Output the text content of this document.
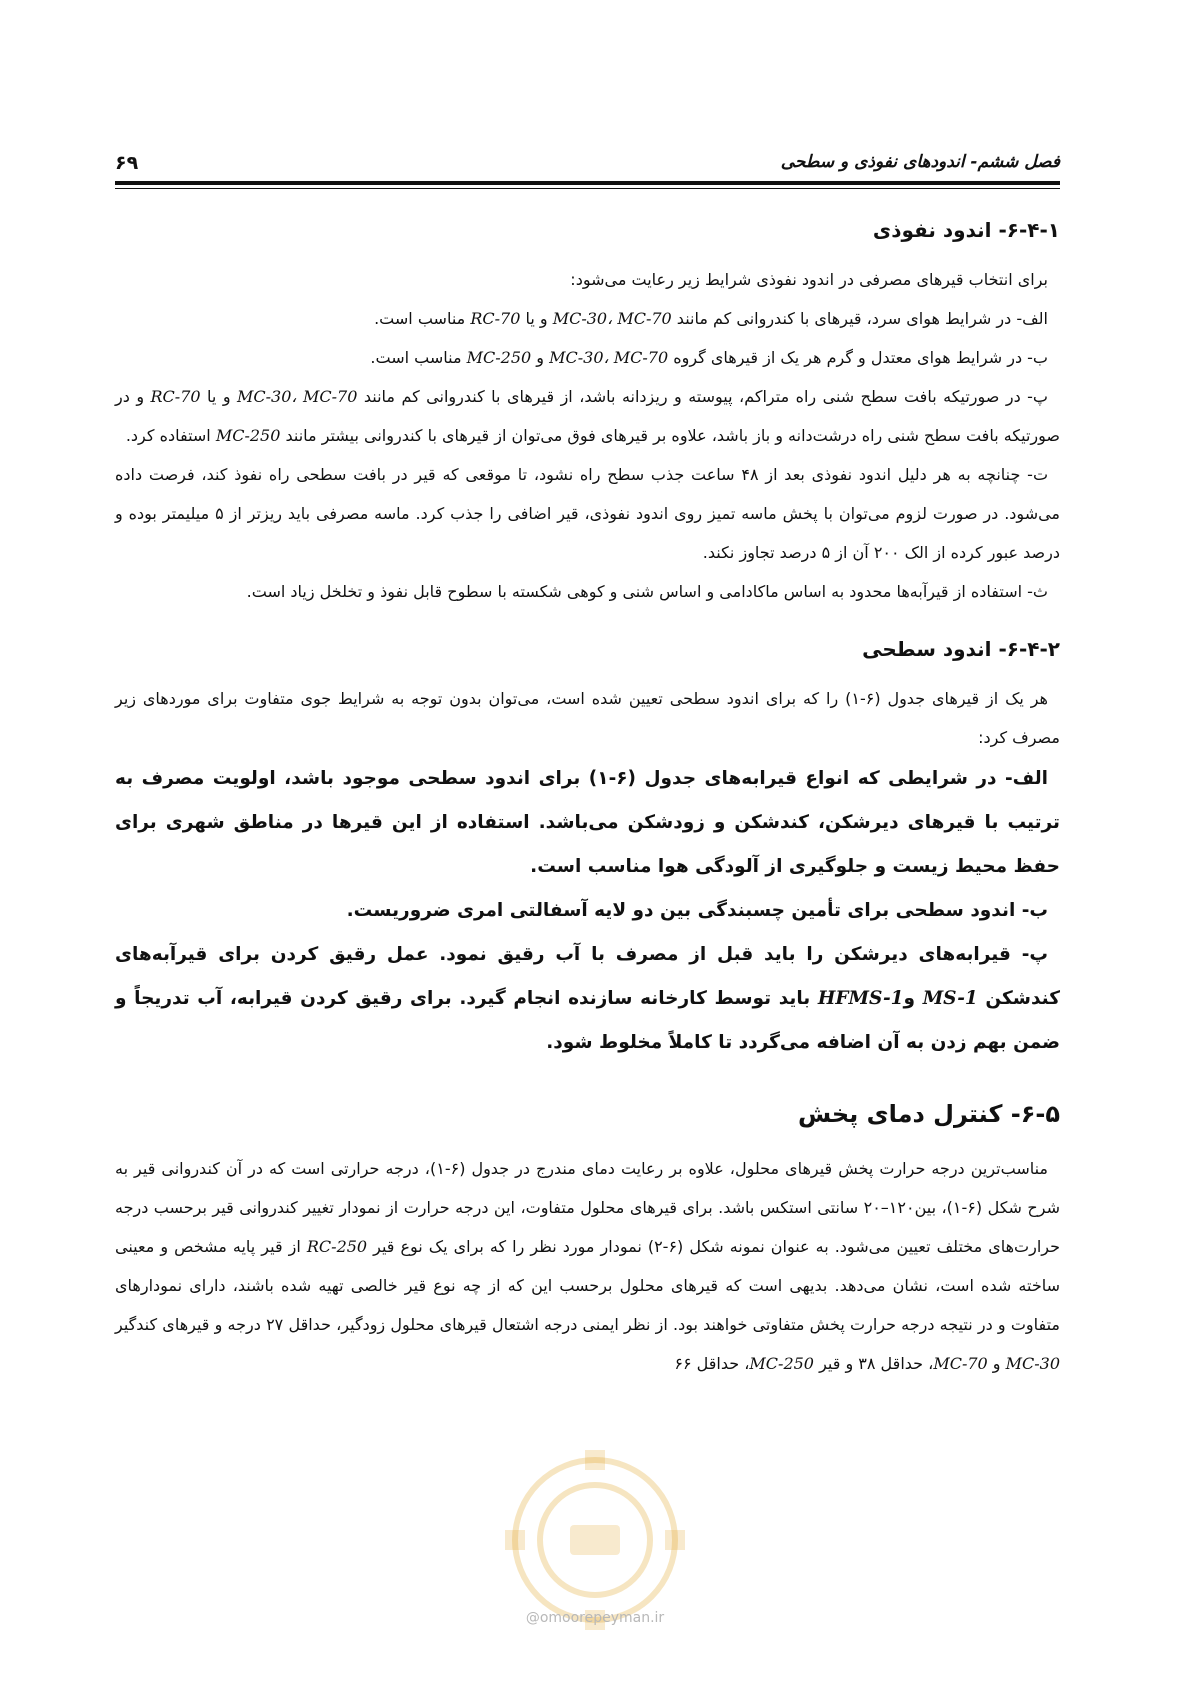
فصل ششم- اندودهای نفوذی و سطحی
۶۹
۶-۴-۱- اندود نفوذی

برای انتخاب قیرهای مصرفی در اندود نفوذی شرایط زیر رعایت می‌شود:

الف- در شرایط هوای سرد، قیرهای با کندروانی کم مانند MC-30، MC-70 و یا RC-70 مناسب است.

ب- در شرایط هوای معتدل و گرم هر یک از قیرهای گروه MC-30، MC-70 و MC-250 مناسب است.

پ- در صورتیکه بافت سطح شنی راه متراکم، پیوسته و ریزدانه باشد، از قیرهای با کندروانی کم مانند MC-30، MC-70 و یا RC-70 و در صورتیکه بافت سطح شنی راه درشت‌دانه و باز باشد، علاوه بر قیرهای فوق می‌توان از قیرهای با کندروانی بیشتر مانند MC-250 استفاده کرد.

ت- چنانچه به هر دلیل اندود نفوذی بعد از ۴۸ ساعت جذب سطح راه نشود، تا موقعی که قیر در بافت سطحی راه نفوذ کند، فرصت داده می‌شود. در صورت لزوم می‌توان با پخش ماسه تمیز روی اندود نفوذی، قیر اضافی را جذب کرد. ماسه مصرفی باید ریزتر از ۵ میلیمتر بوده و درصد عبور کرده از الک ۲۰۰ آن از ۵ درصد تجاوز نکند.

ث- استفاده از قیرآبه‌ها محدود به اساس ماکادامی و اساس شنی و کوهی شکسته با سطوح قابل نفوذ و تخلخل زیاد است.

۶-۴-۲- اندود سطحی

هر یک از قیرهای جدول (۶-۱) را که برای اندود سطحی تعیین شده است، می‌توان بدون توجه به شرایط جوی متفاوت برای موردهای زیر مصرف کرد:

الف- در شرایطی که انواع قیرابه‌های جدول (۶-۱) برای اندود سطحی موجود باشد، اولویت مصرف به ترتیب با قیرهای دیرشکن، کندشکن و زودشکن می‌باشد. استفاده از این قیرها در مناطق شهری برای حفظ محیط زیست و جلوگیری از آلودگی هوا مناسب است.

ب- اندود سطحی برای تأمین چسبندگی بین دو لایه آسفالتی امری ضروریست.

پ- قیرابه‌های دیرشکن را باید قبل از مصرف با آب رقیق نمود. عمل رقیق کردن برای قیرآبه‌های کندشکن MS-1 وHFMS-1 باید توسط کارخانه سازنده انجام گیرد. برای رقیق کردن قیرابه، آب تدریجاً و ضمن بهم زدن به آن اضافه می‌گردد تا کاملاً مخلوط شود.

۶-۵- کنترل دمای پخش

مناسب‌ترین درجه حرارت پخش قیرهای محلول، علاوه بر رعایت دمای مندرج در جدول (۶-۱)، درجه حرارتی است که در آن کندروانی قیر به شرح شکل (۶-۱)، بین۱۲۰–۲۰ سانتی استکس باشد. برای قیرهای محلول متفاوت، این درجه حرارت از نمودار تغییر کندروانی قیر برحسب درجه حرارت‌های مختلف تعیین می‌شود. به عنوان نمونه شکل (۶-۲) نمودار مورد نظر را که برای یک نوع قیر RC-250 از قیر پایه مشخص و معینی ساخته شده است، نشان می‌دهد. بدیهی است که قیرهای محلول برحسب این که از چه نوع قیر خالصی تهیه شده باشند، دارای نمودارهای متفاوت و در نتیجه درجه حرارت پخش متفاوتی خواهند بود. از نظر ایمنی درجه اشتعال قیرهای محلول زودگیر، حداقل ۲۷ درجه و قیرهای کندگیر MC-30 و MC-70، حداقل ۳۸ و قیر MC-250، حداقل ۶۶

@omoorepeyman.ir
